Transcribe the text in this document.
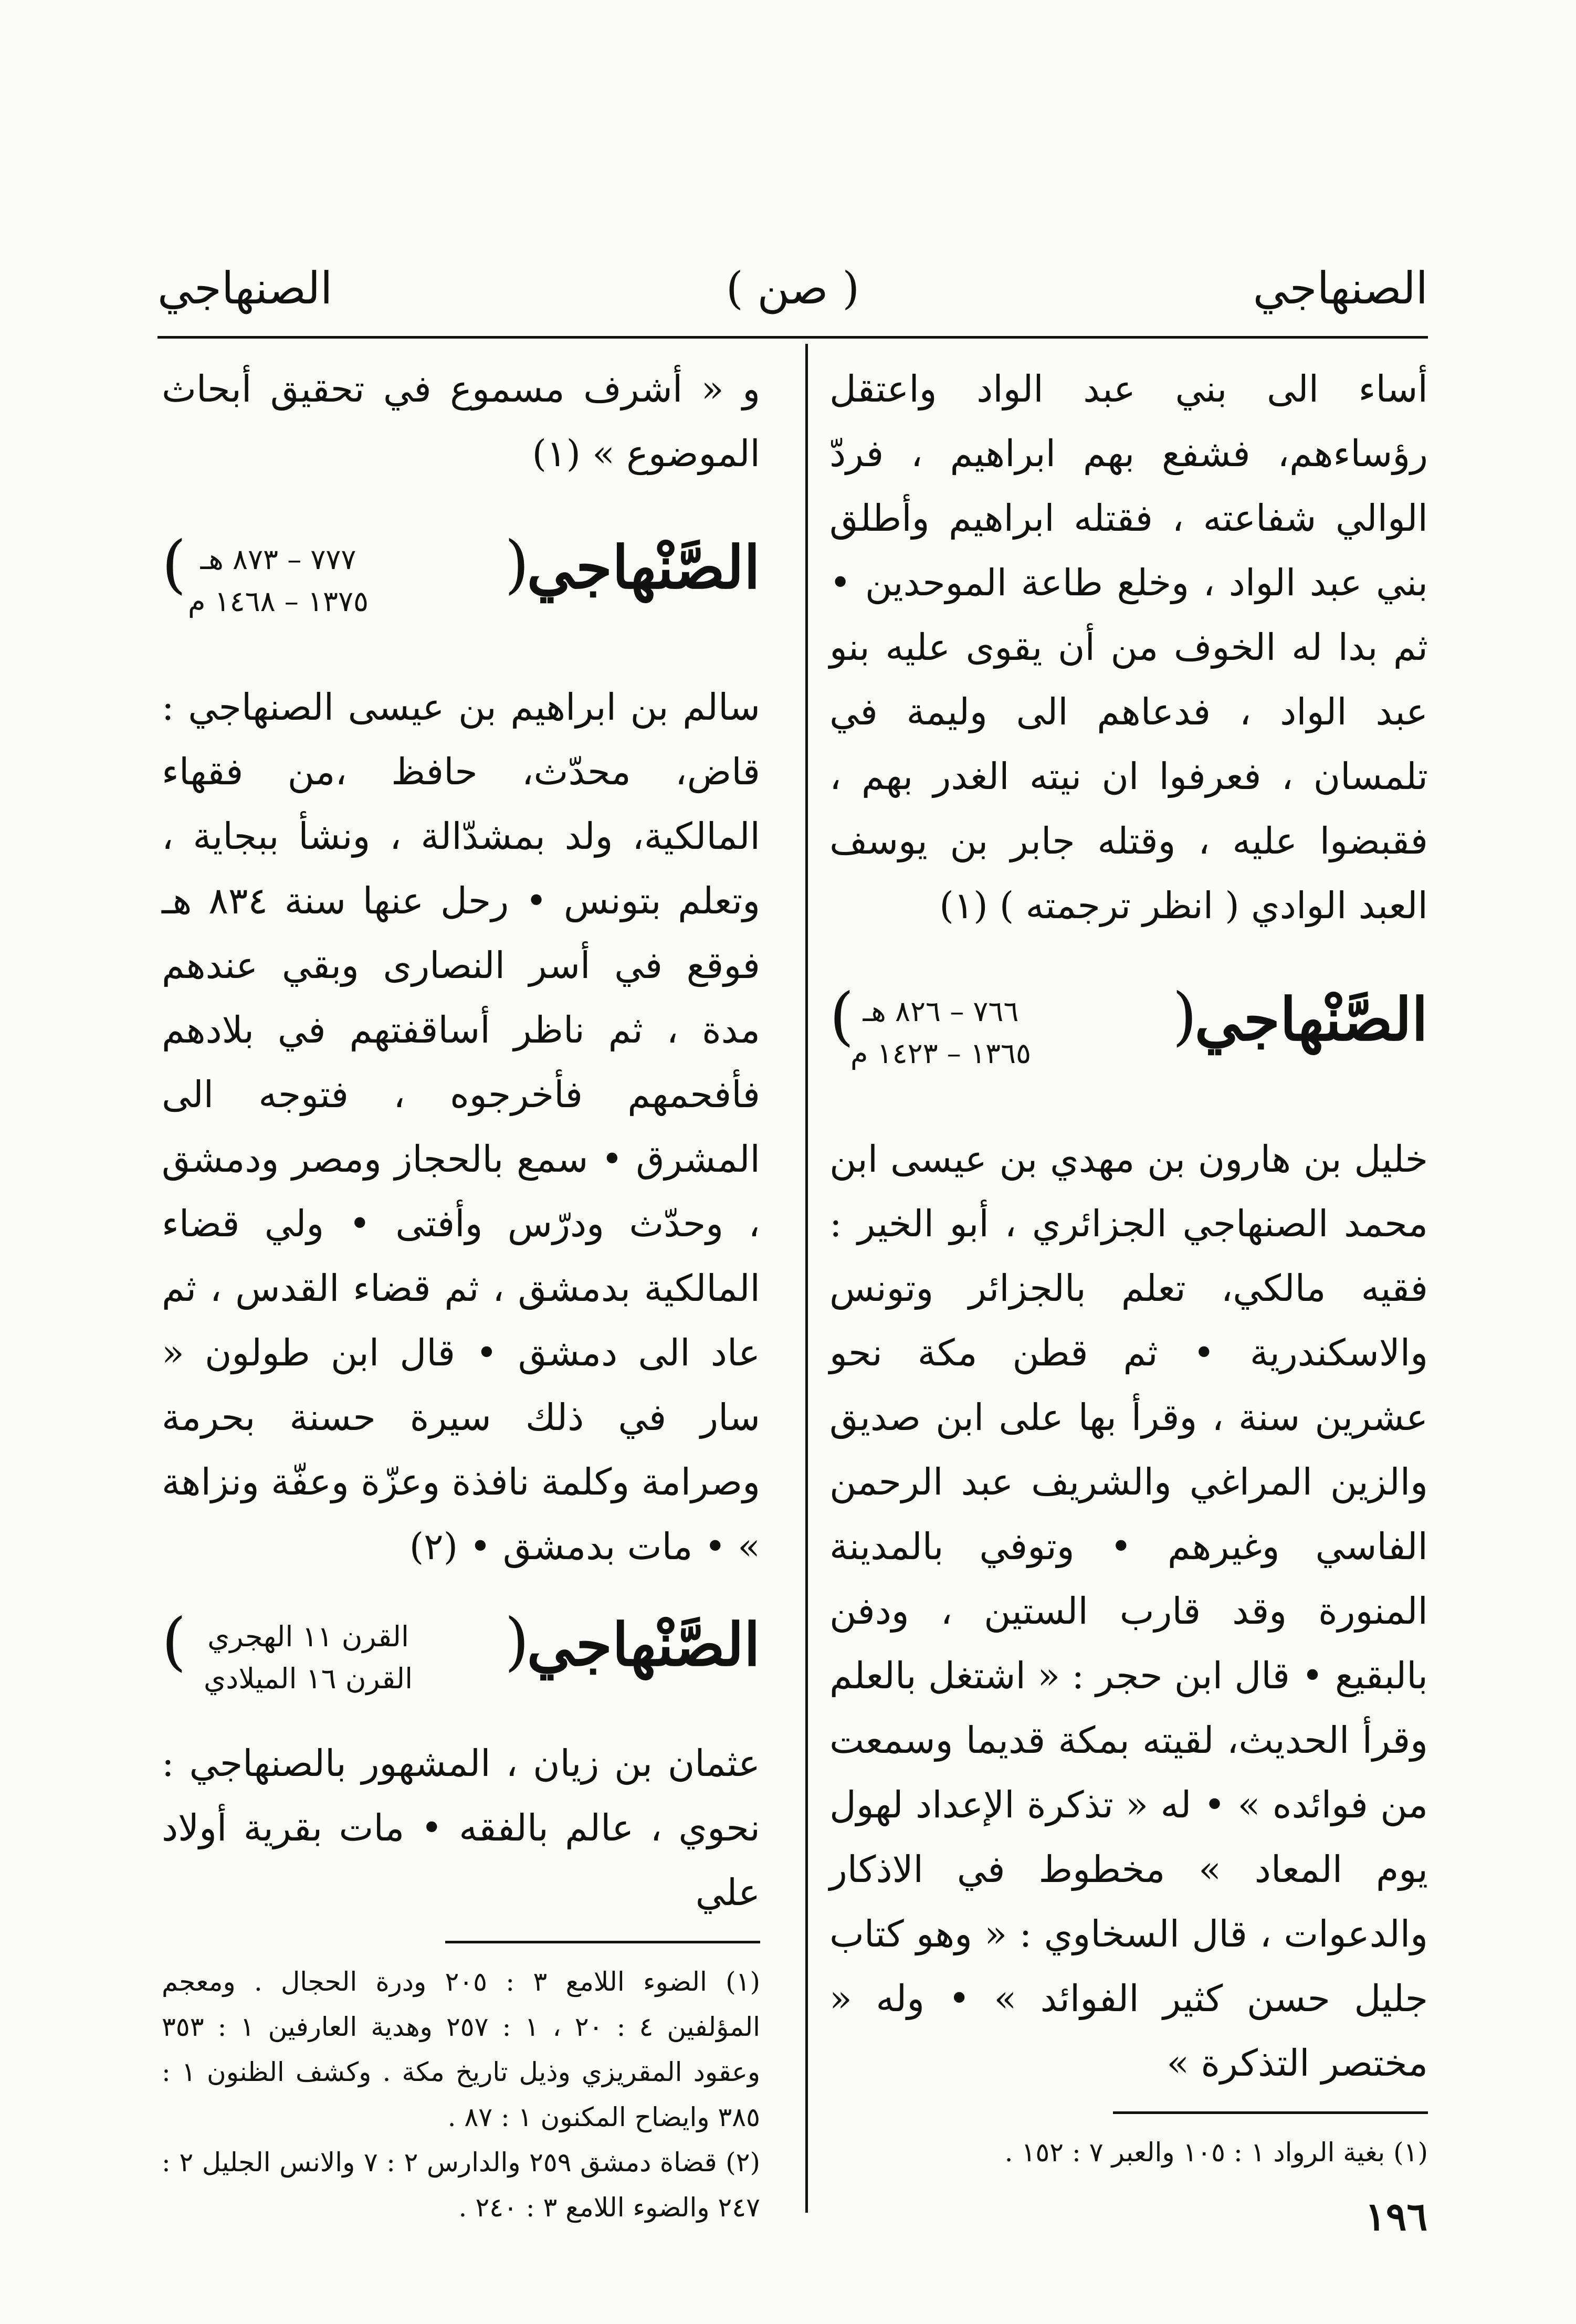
الصنهاجي
( صن )
الصنهاجي

أساء الى بني عبد الواد واعتقل رؤساءهم، فشفع بهم ابراهيم ، فردّ الوالي شفاعته ، فقتله ابراهيم وأطلق بني عبد الواد ، وخلع طاعة الموحدين • ثم بدا له الخوف من أن يقوى عليه بنو عبد الواد ، فدعاهم الى وليمة في تلمسان ، فعرفوا ان نيته الغدر بهم ، فقبضوا عليه ، وقتله جابر بن يوسف العبد الوادي ( انظر ترجمته ) (١)

الصَّنْهاجي
(
٧٦٦ – ٨٢٦ هـ
١٣٦٥ – ١٤٢٣ م
)

خليل بن هارون بن مهدي بن عيسى ابن محمد الصنهاجي الجزائري ، أبو الخير : فقيه مالكي، تعلم بالجزائر وتونس والاسكندرية • ثم قطن مكة نحو عشرين سنة ، وقرأ بها على ابن صديق والزين المراغي والشريف عبد الرحمن الفاسي وغيرهم • وتوفي بالمدينة المنورة وقد قارب الستين ، ودفن بالبقيع • قال ابن حجر : « اشتغل بالعلم وقرأ الحديث، لقيته بمكة قديما وسمعت من فوائده » • له « تذكرة الإعداد لهول يوم المعاد » مخطوط في الاذكار والدعوات ، قال السخاوي : « وهو كتاب جليل حسن كثير الفوائد » • وله « مختصر التذكرة »

(١) بغية الرواد ١ : ١٠٥ والعبر ٧ : ١٥٢ .

و « أشرف مسموع في تحقيق أبحاث الموضوع » (١)

الصَّنْهاجي
(
٧٧٧ – ٨٧٣ هـ
١٣٧٥ – ١٤٦٨ م
)

سالم بن ابراهيم بن عيسى الصنهاجي : قاض، محدّث، حافظ ،من فقهاء المالكية، ولد بمشدّالة ، ونشأ ببجاية ، وتعلم بتونس • رحل عنها سنة ٨٣٤ هـ فوقع في أسر النصارى وبقي عندهم مدة ، ثم ناظر أساقفتهم في بلادهم فأفحمهم فأخرجوه ، فتوجه الى المشرق • سمع بالحجاز ومصر ودمشق ، وحدّث ودرّس وأفتى • ولي قضاء المالكية بدمشق ، ثم قضاء القدس ، ثم عاد الى دمشق • قال ابن طولون « سار في ذلك سيرة حسنة بحرمة وصرامة وكلمة نافذة وعزّة وعفّة ونزاهة » • مات بدمشق • (٢)

الصَّنْهاجي
(
القرن ١١ الهجري
القرن ١٦ الميلادي
)

عثمان بن زيان ، المشهور بالصنهاجي : نحوي ، عالم بالفقه • مات بقرية أولاد علي

(١) الضوء اللامع ٣ : ٢٠٥ ودرة الحجال . ومعجم المؤلفين ٤ : ٢٠ ، ١ : ٢٥٧ وهدية العارفين ١ : ٣٥٣ وعقود المقريزي وذيل تاريخ مكة . وكشف الظنون ١ : ٣٨٥ وايضاح المكنون ١ : ٨٧ .

(٢) قضاة دمشق ٢٥٩ والدارس ٢ : ٧ والانس الجليل ٢ : ٢٤٧ والضوء اللامع ٣ : ٢٤٠ .	١٩٦
